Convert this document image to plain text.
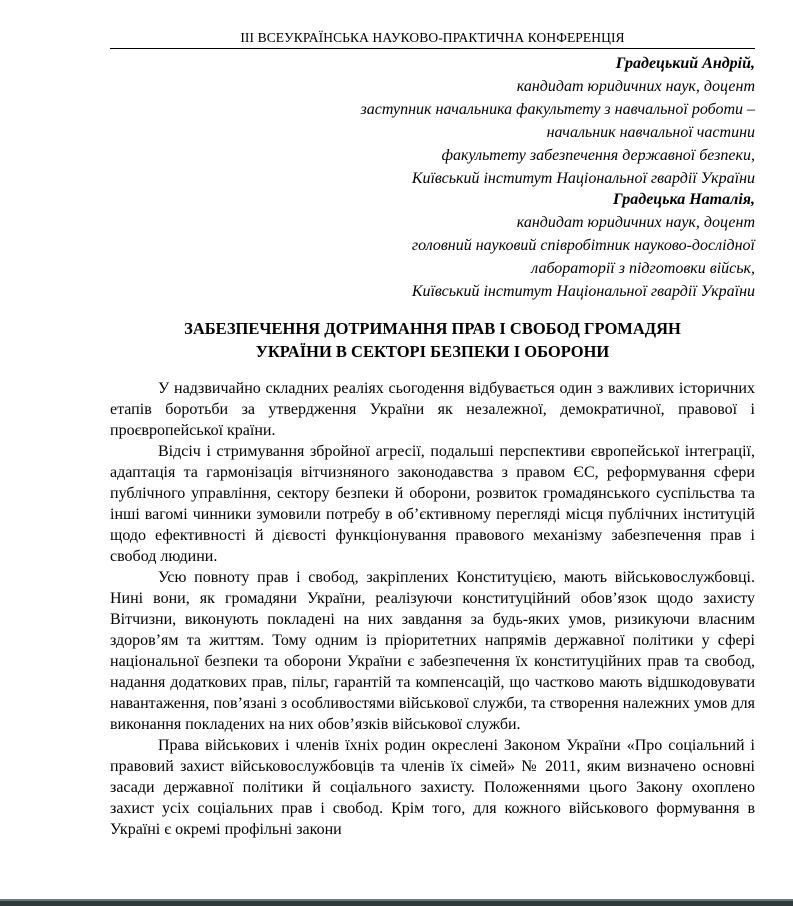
ІІІ ВСЕУКРАЇНСЬКА НАУКОВО-ПРАКТИЧНА КОНФЕРЕНЦІЯ
Градецький Андрій,
кандидат юридичних наук, доцент
заступник начальника факультету з навчальної роботи –
начальник навчальної частини
факультету забезпечення державної безпеки,
Київський інститут Національної гвардії України
Градецька Наталія,
кандидат юридичних наук, доцент
головний науковий співробітник науково-дослідної
лабораторії з підготовки військ,
Київський інститут Національної гвардії України
ЗАБЕЗПЕЧЕННЯ ДОТРИМАННЯ ПРАВ І СВОБОД ГРОМАДЯН
УКРАЇНИ В СЕКТОРІ БЕЗПЕКИ І ОБОРОНИ

У надзвичайно складних реаліях сьогодення відбувається один з важливих історичних етапів боротьби за утвердження України як незалежної, демократичної, правової і проєвропейської країни.

Відсіч і стримування збройної агресії, подальші перспективи європейської інтеграції, адаптація та гармонізація вітчизняного законодавства з правом ЄС, реформування сфери публічного управління, сектору безпеки й оборони, розвиток громадянського суспільства та інші вагомі чинники зумовили потребу в об’єктивному перегляді місця публічних інституцій щодо ефективності й дієвості функціонування правового механізму забезпечення прав і свобод людини.

Усю повноту прав і свобод, закріплених Конституцією, мають військовослужбовці. Нині вони, як громадяни України, реалізуючи конституційний обов’язок щодо захисту Вітчизни, виконують покладені на них завдання за будь-яких умов, ризикуючи власним здоров’ям та життям. Тому одним із пріоритетних напрямів державної політики у сфері національної безпеки та оборони України є забезпечення їх конституційних прав та свобод, надання додаткових прав, пільг, гарантій та компенсацій, що частково мають відшкодовувати навантаження, пов’язані з особливостями військової служби, та створення належних умов для виконання покладених на них обов’язків військової служби.

Права військових і членів їхніх родин окреслені Законом України «Про соціальний і правовий захист військовослужбовців та членів їх сімей» № 2011, яким визначено основні засади державної політики й соціального захисту. Положеннями цього Закону охоплено захист усіх соціальних прав і свобод. Крім того, для кожного військового формування в Україні є окремі профільні закони
